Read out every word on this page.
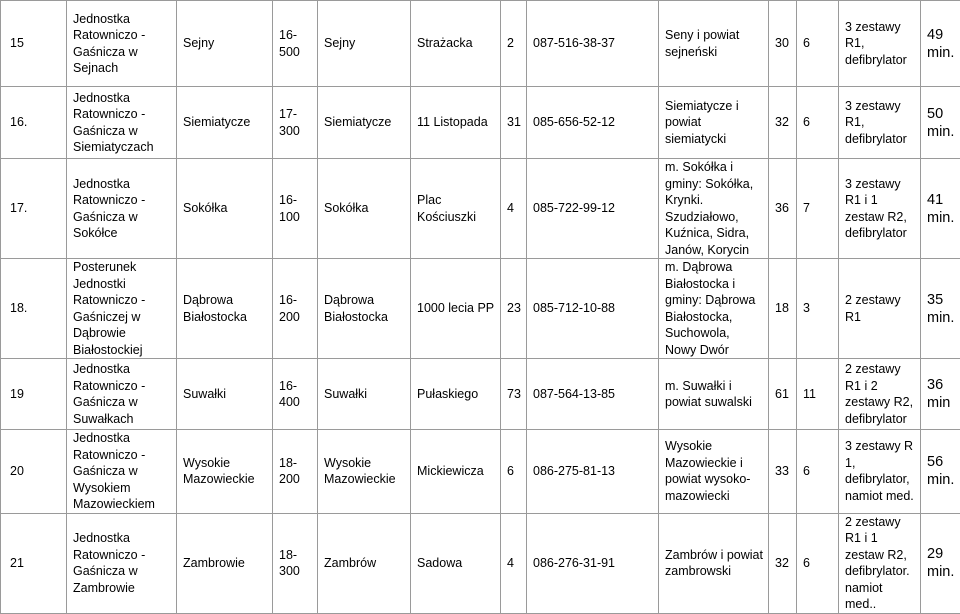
15	Jednostka Ratowniczo - Gaśnicza w Sejnach	Sejny	16-500	Sejny	Strażacka	2	087-516-38-37	Seny i powiat sejneński	30	6	3 zestawy R1, defibrylator	49 min.
16.	Jednostka Ratowniczo - Gaśnicza w Siemiatyczach	Siemiatycze	17-300	Siemiatycze	11 Listopada	31	085-656-52-12	Siemiatycze i powiat siemiatycki	32	6	3 zestawy R1, defibrylator	50 min.
17.	Jednostka Ratowniczo - Gaśnicza w Sokółce	Sokółka	16-100	Sokółka	Plac Kościuszki	4	085-722-99-12	m. Sokółka i gminy: Sokółka, Krynki. Szudziałowo, Kuźnica, Sidra, Janów, Korycin	36	7	3 zestawy R1 i 1 zestaw R2, defibrylator	41 min.
18.	Posterunek Jednostki Ratowniczo - Gaśniczej w Dąbrowie Białostockiej	Dąbrowa Białostocka	16-200	Dąbrowa Białostocka	1000 lecia PP	23	085-712-10-88	m. Dąbrowa Białostocka i gminy: Dąbrowa Białostocka, Suchowola, Nowy Dwór	18	3	2 zestawy R1	35 min.
19	Jednostka Ratowniczo - Gaśnicza w Suwałkach	Suwałki	16-400	Suwałki	Pułaskiego	73	087-564-13-85	m. Suwałki i powiat suwalski	61	11	2 zestawy R1 i 2 zestawy R2, defibrylator	36 min
20	Jednostka Ratowniczo - Gaśnicza w Wysokiem Mazowieckiem	Wysokie Mazowieckie	18-200	Wysokie Mazowieckie	Mickiewicza	6	086-275-81-13	Wysokie Mazowieckie i powiat wysoko-mazowiecki	33	6	3 zestawy R 1, defibrylator, namiot med.	56 min.
21	Jednostka Ratowniczo - Gaśnicza w Zambrowie	Zambrowie	18-300	Zambrów	Sadowa	4	086-276-31-91	Zambrów i powiat zambrowski	32	6	2 zestawy R1 i 1 zestaw R2, defibrylator. namiot med..	29 min.
